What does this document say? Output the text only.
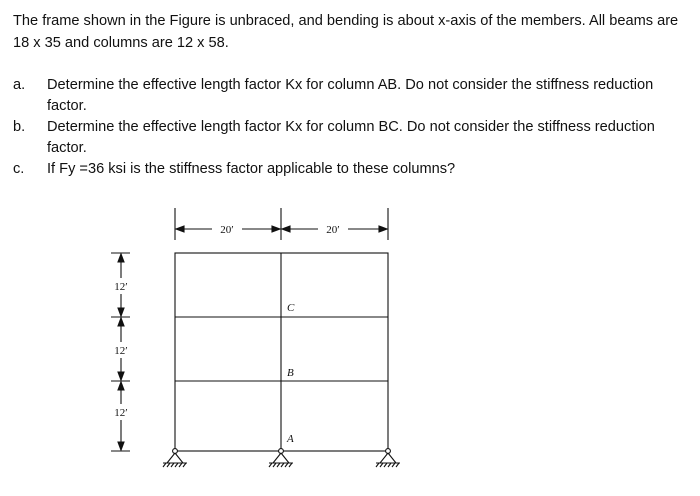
The frame shown in the Figure is unbraced, and bending is about x-axis of the members. All beams are 18 x 35 and columns are 12 x 58.

a.	Determine the effective length factor Kx for column AB. Do not consider the stiffness reduction factor.
b.	Determine the effective length factor Kx for column BC. Do not consider the stiffness reduction factor.
c.	If Fy =36 ksi is the stiffness factor applicable to these columns?
20′	20′
12′
12′
12′
C
B
A
